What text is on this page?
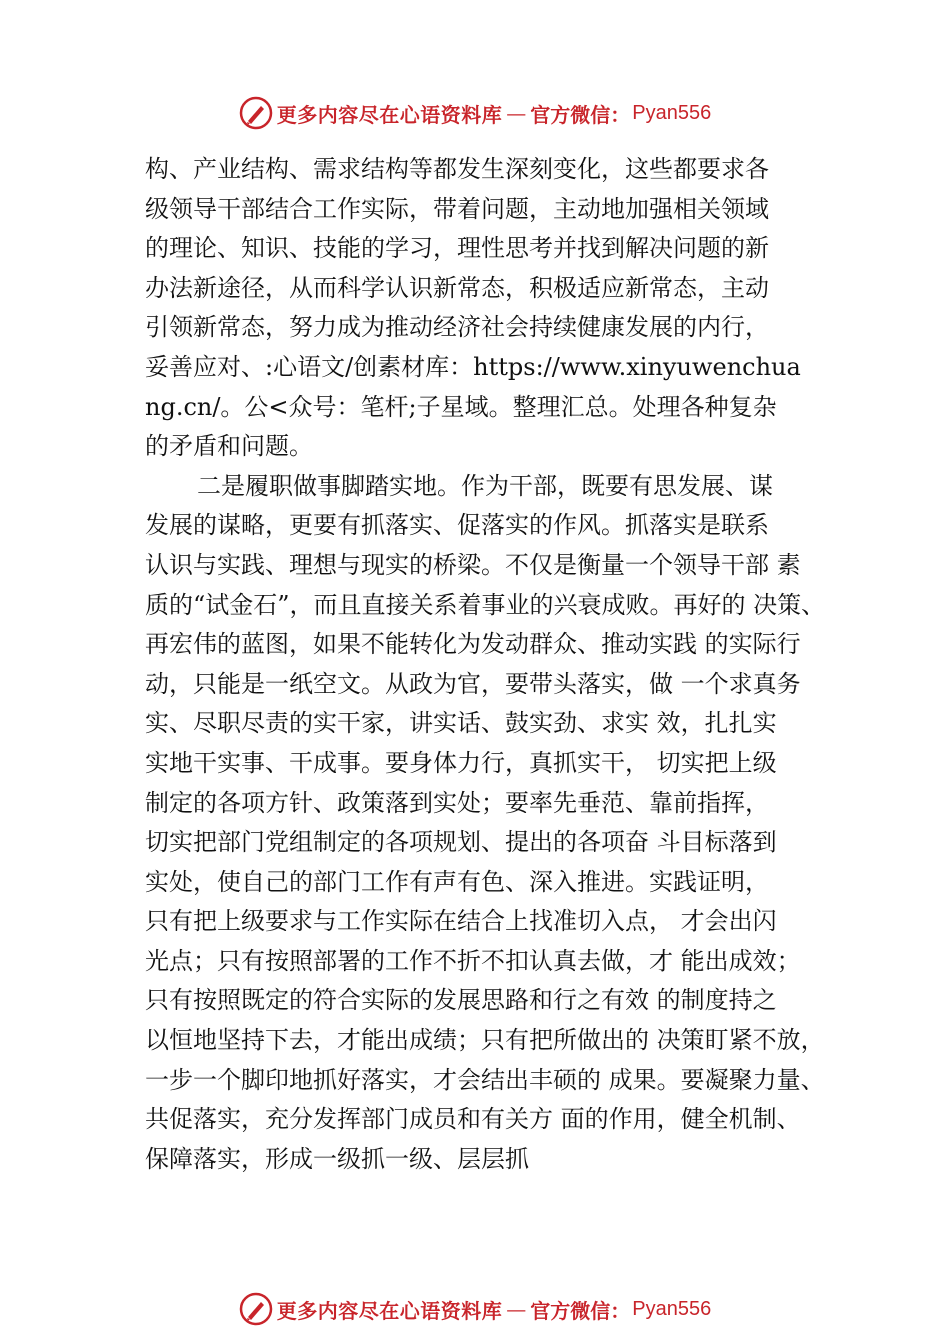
更多内容尽在心语资料库 — 官方微信： Pyan556
构、产业结构、需求结构等都发生深刻变化，这些都要求各
级领导干部结合工作实际，带着问题，主动地加强相关领域
的理论、知识、技能的学习，理性思考并找到解决问题的新
办法新途径，从而科学认识新常态，积极适应新常态，主动
引领新常态，努力成为推动经济社会持续健康发展的内行，
妥善应对、:心语文/创素材库：https://www.xinyuwenchua
ng.cn/。公<众号：笔杆;子星域。整理汇总。处理各种复杂
的矛盾和问题。
二是履职做事脚踏实地。作为干部，既要有思发展、谋
发展的谋略，更要有抓落实、促落实的作风。抓落实是联系
认识与实践、理想与现实的桥梁。不仅是衡量一个领导干部 素
质的“试金石”，而且直接关系着事业的兴衰成败。再好的 决策、
再宏伟的蓝图，如果不能转化为发动群众、推动实践 的实际行
动，只能是一纸空文。从政为官，要带头落实，做 一个求真务
实、尽职尽责的实干家，讲实话、鼓实劲、求实 效，扎扎实
实地干实事、干成事。要身体力行，真抓实干， 切实把上级
制定的各项方针、政策落到实处；要率先垂范、靠前指挥，
切实把部门党组制定的各项规划、提出的各项奋 斗目标落到
实处，使自己的部门工作有声有色、深入推进。实践证明，
只有把上级要求与工作实际在结合上找准切入点， 才会出闪
光点；只有按照部署的工作不折不扣认真去做，才 能出成效；
只有按照既定的符合实际的发展思路和行之有效 的制度持之
以恒地坚持下去，才能出成绩；只有把所做出的 决策盯紧不放，
一步一个脚印地抓好落实，才会结出丰硕的 成果。要凝聚力量、
共促落实，充分发挥部门成员和有关方 面的作用，健全机制、
保障落实，形成一级抓一级、层层抓
更多内容尽在心语资料库 — 官方微信： Pyan556
